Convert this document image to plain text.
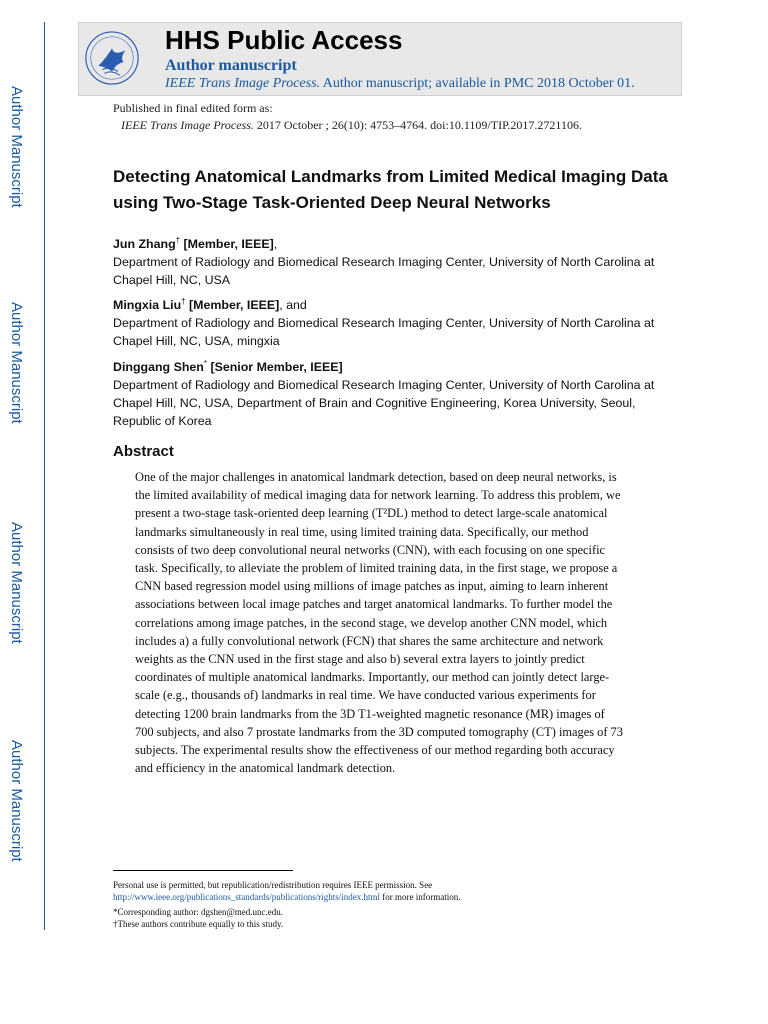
Author Manuscript
Author Manuscript
Author Manuscript
Author Manuscript
HHS Public Access
Author manuscript
IEEE Trans Image Process. Author manuscript; available in PMC 2018 October 01.
Published in final edited form as:
IEEE Trans Image Process. 2017 October ; 26(10): 4753–4764. doi:10.1109/TIP.2017.2721106.
Detecting Anatomical Landmarks from Limited Medical Imaging Data using Two-Stage Task-Oriented Deep Neural Networks
Jun Zhang† [Member, IEEE],
Department of Radiology and Biomedical Research Imaging Center, University of North Carolina at Chapel Hill, NC, USA
Mingxia Liu† [Member, IEEE], and
Department of Radiology and Biomedical Research Imaging Center, University of North Carolina at Chapel Hill, NC, USA, mingxia
Dinggang Shen* [Senior Member, IEEE]
Department of Radiology and Biomedical Research Imaging Center, University of North Carolina at Chapel Hill, NC, USA, Department of Brain and Cognitive Engineering, Korea University, Seoul, Republic of Korea
Abstract
One of the major challenges in anatomical landmark detection, based on deep neural networks, is
the limited availability of medical imaging data for network learning. To address this problem, we
present a two-stage task-oriented deep learning (T²DL) method to detect large-scale anatomical
landmarks simultaneously in real time, using limited training data. Specifically, our method
consists of two deep convolutional neural networks (CNN), with each focusing on one specific
task. Specifically, to alleviate the problem of limited training data, in the first stage, we propose a
CNN based regression model using millions of image patches as input, aiming to learn inherent
associations between local image patches and target anatomical landmarks. To further model the
correlations among image patches, in the second stage, we develop another CNN model, which
includes a) a fully convolutional network (FCN) that shares the same architecture and network
weights as the CNN used in the first stage and also b) several extra layers to jointly predict
coordinates of multiple anatomical landmarks. Importantly, our method can jointly detect large-
scale (e.g., thousands of) landmarks in real time. We have conducted various experiments for
detecting 1200 brain landmarks from the 3D T1-weighted magnetic resonance (MR) images of
700 subjects, and also 7 prostate landmarks from the 3D computed tomography (CT) images of 73
subjects. The experimental results show the effectiveness of our method regarding both accuracy
and efficiency in the anatomical landmark detection.
Personal use is permitted, but republication/redistribution requires IEEE permission. See http://www.ieee.org/publications_standards/publications/rights/index.html for more information.
*Corresponding author: dgshen@med.unc.edu.
†These authors contribute equally to this study.
